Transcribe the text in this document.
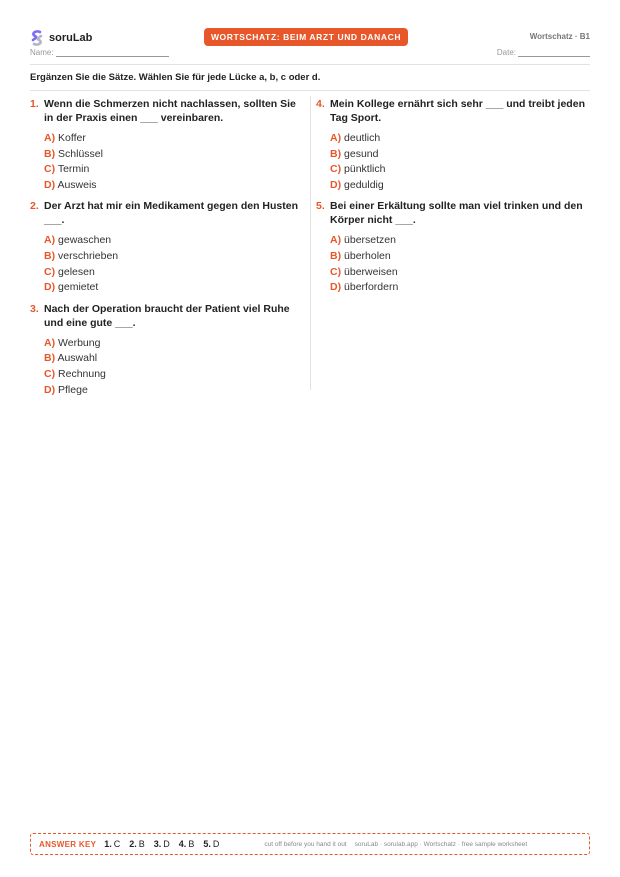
soruLab	WORTSCHATZ: BEIM ARZT UND DANACH	Wortschatz · B1
Name:	Date:
Ergänzen Sie die Sätze. Wählen Sie für jede Lücke a, b, c oder d.
1. Wenn die Schmerzen nicht nachlassen, sollten Sie in der Praxis einen ___ vereinbaren.
A) Koffer
B) Schlüssel
C) Termin
D) Ausweis
2. Der Arzt hat mir ein Medikament gegen den Husten ___.
A) gewaschen
B) verschrieben
C) gelesen
D) gemietet
3. Nach der Operation braucht der Patient viel Ruhe und eine gute ___.
A) Werbung
B) Auswahl
C) Rechnung
D) Pflege
4. Mein Kollege ernährt sich sehr ___ und treibt jeden Tag Sport.
A) deutlich
B) gesund
C) pünktlich
D) geduldig
5. Bei einer Erkältung sollte man viel trinken und den Körper nicht ___.
A) übersetzen
B) überholen
C) überweisen
D) überfordern
ANSWER KEY 1. C 2. B 3. D 4. B 5. D	cut off before you hand it out soruLab · sorulab.app · Wortschatz · free sample worksheet
